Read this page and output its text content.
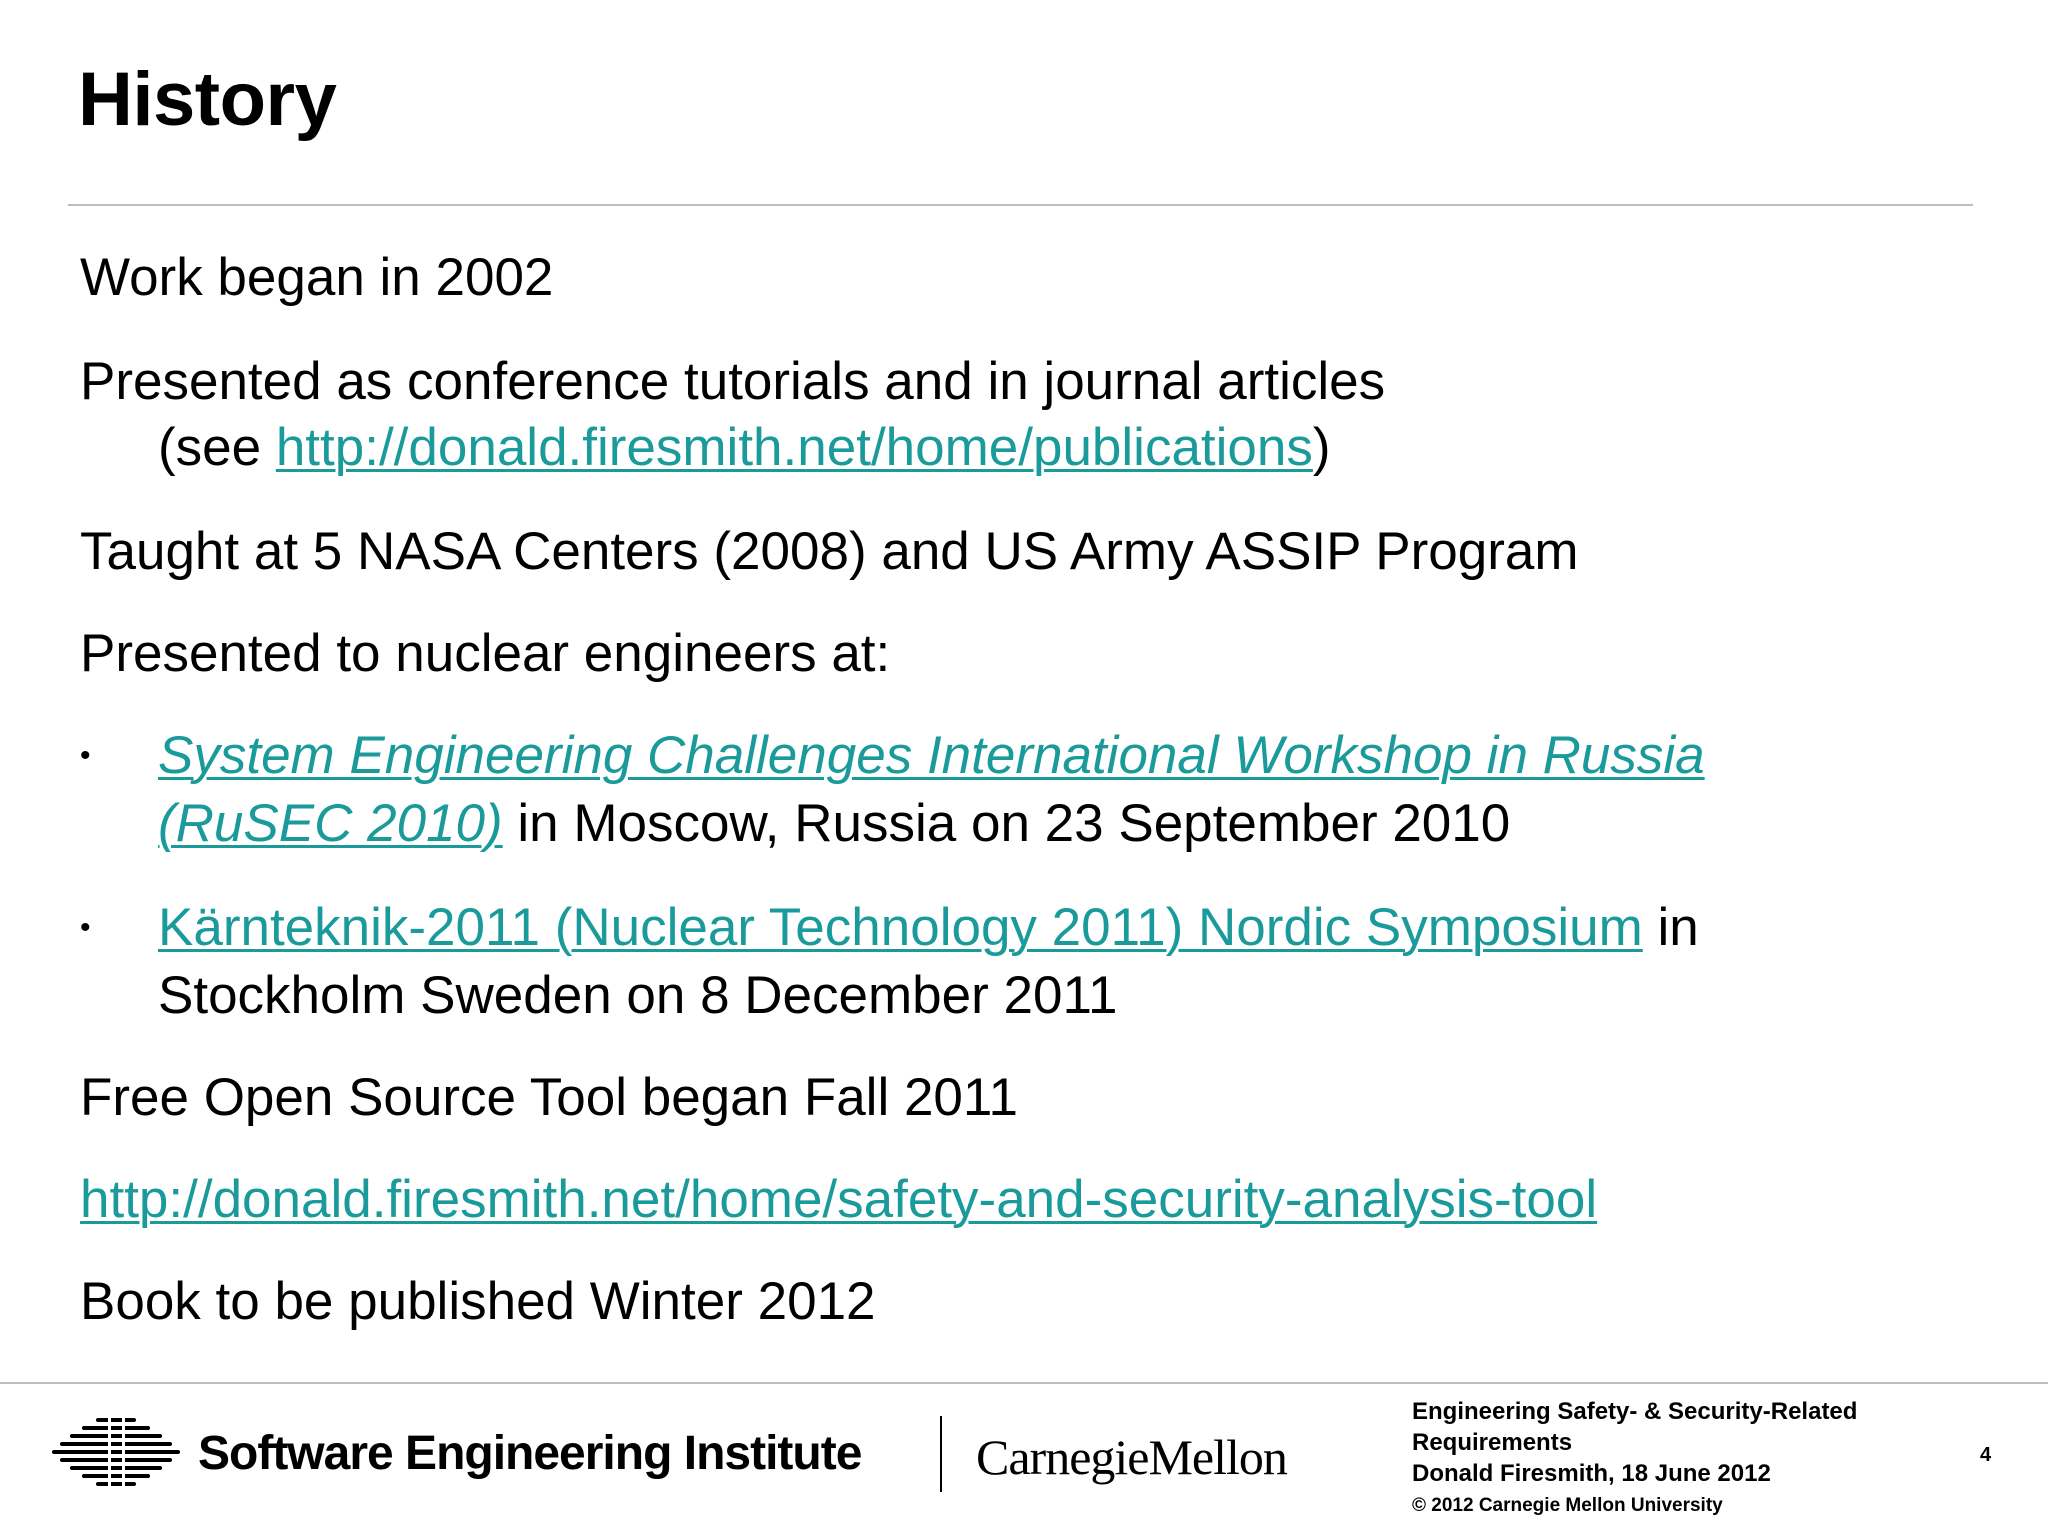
History
Work began in 2002
Presented as conference tutorials and in journal articles
(see http://donald.firesmith.net/home/publications)
Taught at 5 NASA Centers (2008) and US Army ASSIP Program
Presented to nuclear engineers at:
• System Engineering Challenges International Workshop in Russia
(RuSEC 2010) in Moscow, Russia on 23 September 2010
• Kärnteknik-2011 (Nuclear Technology 2011) Nordic Symposium in
Stockholm Sweden on 8 December 2011
Free Open Source Tool began Fall 2011
http://donald.firesmith.net/home/safety-and-security-analysis-tool
Book to be published Winter 2012
Software Engineering Institute CarnegieMellon
Engineering Safety- & Security-Related
Requirements
Donald Firesmith, 18 June 2012
© 2012 Carnegie Mellon University
4
